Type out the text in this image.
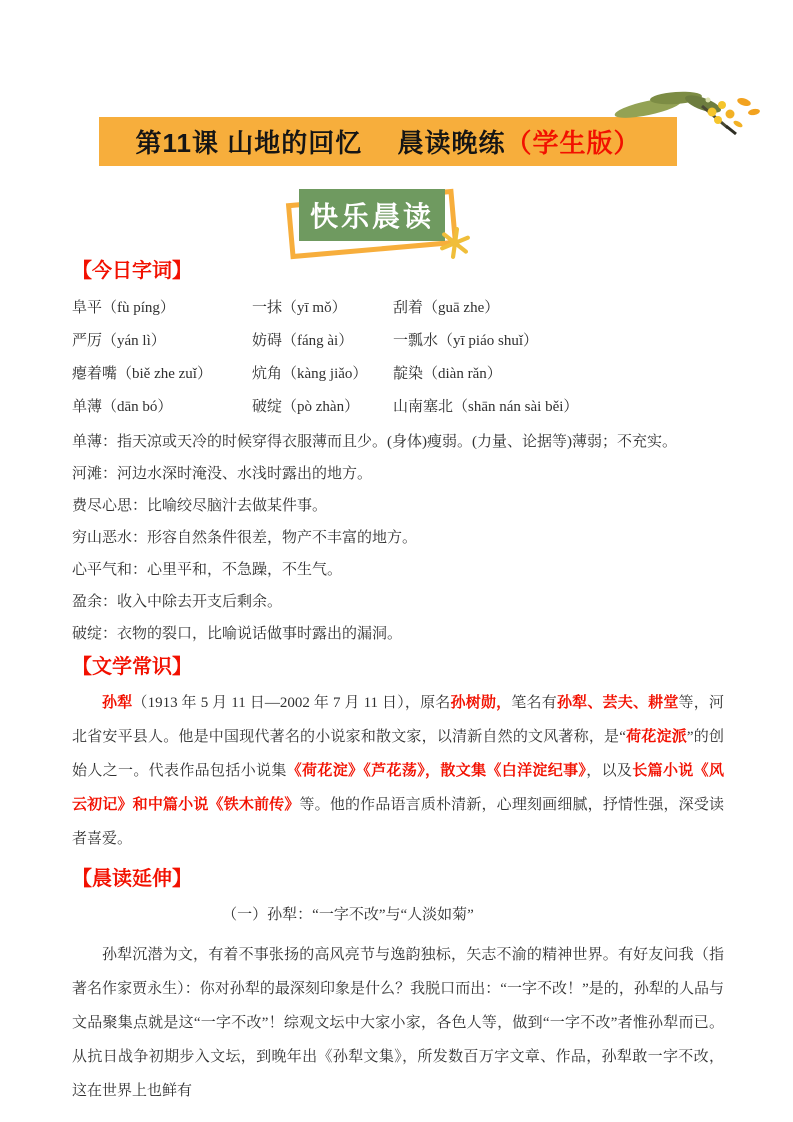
第11课 山地的回忆　 晨读晚练 （学生版）
快乐晨读
【今日字词】
阜平（fù píng）	一抹（yī mǒ）	刮着（guā zhe）
严厉（yán lì）	妨碍（fáng ài）	一瓢水（yī piáo shuǐ）
瘪着嘴（biě zhe zuǐ）	炕角（kàng jiǎo）	靛染（diàn rǎn）
单薄（dān bó）	破绽（pò zhàn）	山南塞北（shān nán sài běi）
单薄：指天凉或天冷的时候穿得衣服薄而且少。(身体)瘦弱。(力量、论据等)薄弱；不充实。
河滩：河边水深时淹没、水浅时露出的地方。
费尽心思：比喻绞尽脑汁去做某件事。
穷山恶水：形容自然条件很差，物产不丰富的地方。
心平气和：心里平和，不急躁，不生气。
盈余：收入中除去开支后剩余。
破绽：衣物的裂口，比喻说话做事时露出的漏洞。
【文学常识】

孙犁（1913 年 5 月 11 日—2002 年 7 月 11 日），原名孙树勋，笔名有孙犁、芸夫、耕堂等，河北省安平县人。他是中国现代著名的小说家和散文家，以清新自然的文风著称，是“荷花淀派”的创始人之一。代表作品包括小说集《荷花淀》《芦花荡》，散文集《白洋淀纪事》，以及长篇小说《风云初记》和中篇小说《铁木前传》等。他的作品语言质朴清新，心理刻画细腻，抒情性强，深受读者喜爱。

【晨读延伸】
（一）孙犁：“一字不改”与“人淡如菊”

孙犁沉潜为文，有着不事张扬的高风亮节与逸韵独标，矢志不渝的精神世界。有好友问我（指著名作家贾永生）：你对孙犁的最深刻印象是什么？我脱口而出：“一字不改！”是的，孙犁的人品与文品聚集点就是这“一字不改”！综观文坛中大家小家，各色人等，做到“一字不改”者惟孙犁而已。从抗日战争初期步入文坛，到晚年出《孙犁文集》，所发数百万字文章、作品，孙犁敢一字不改，这在世界上也鲜有
